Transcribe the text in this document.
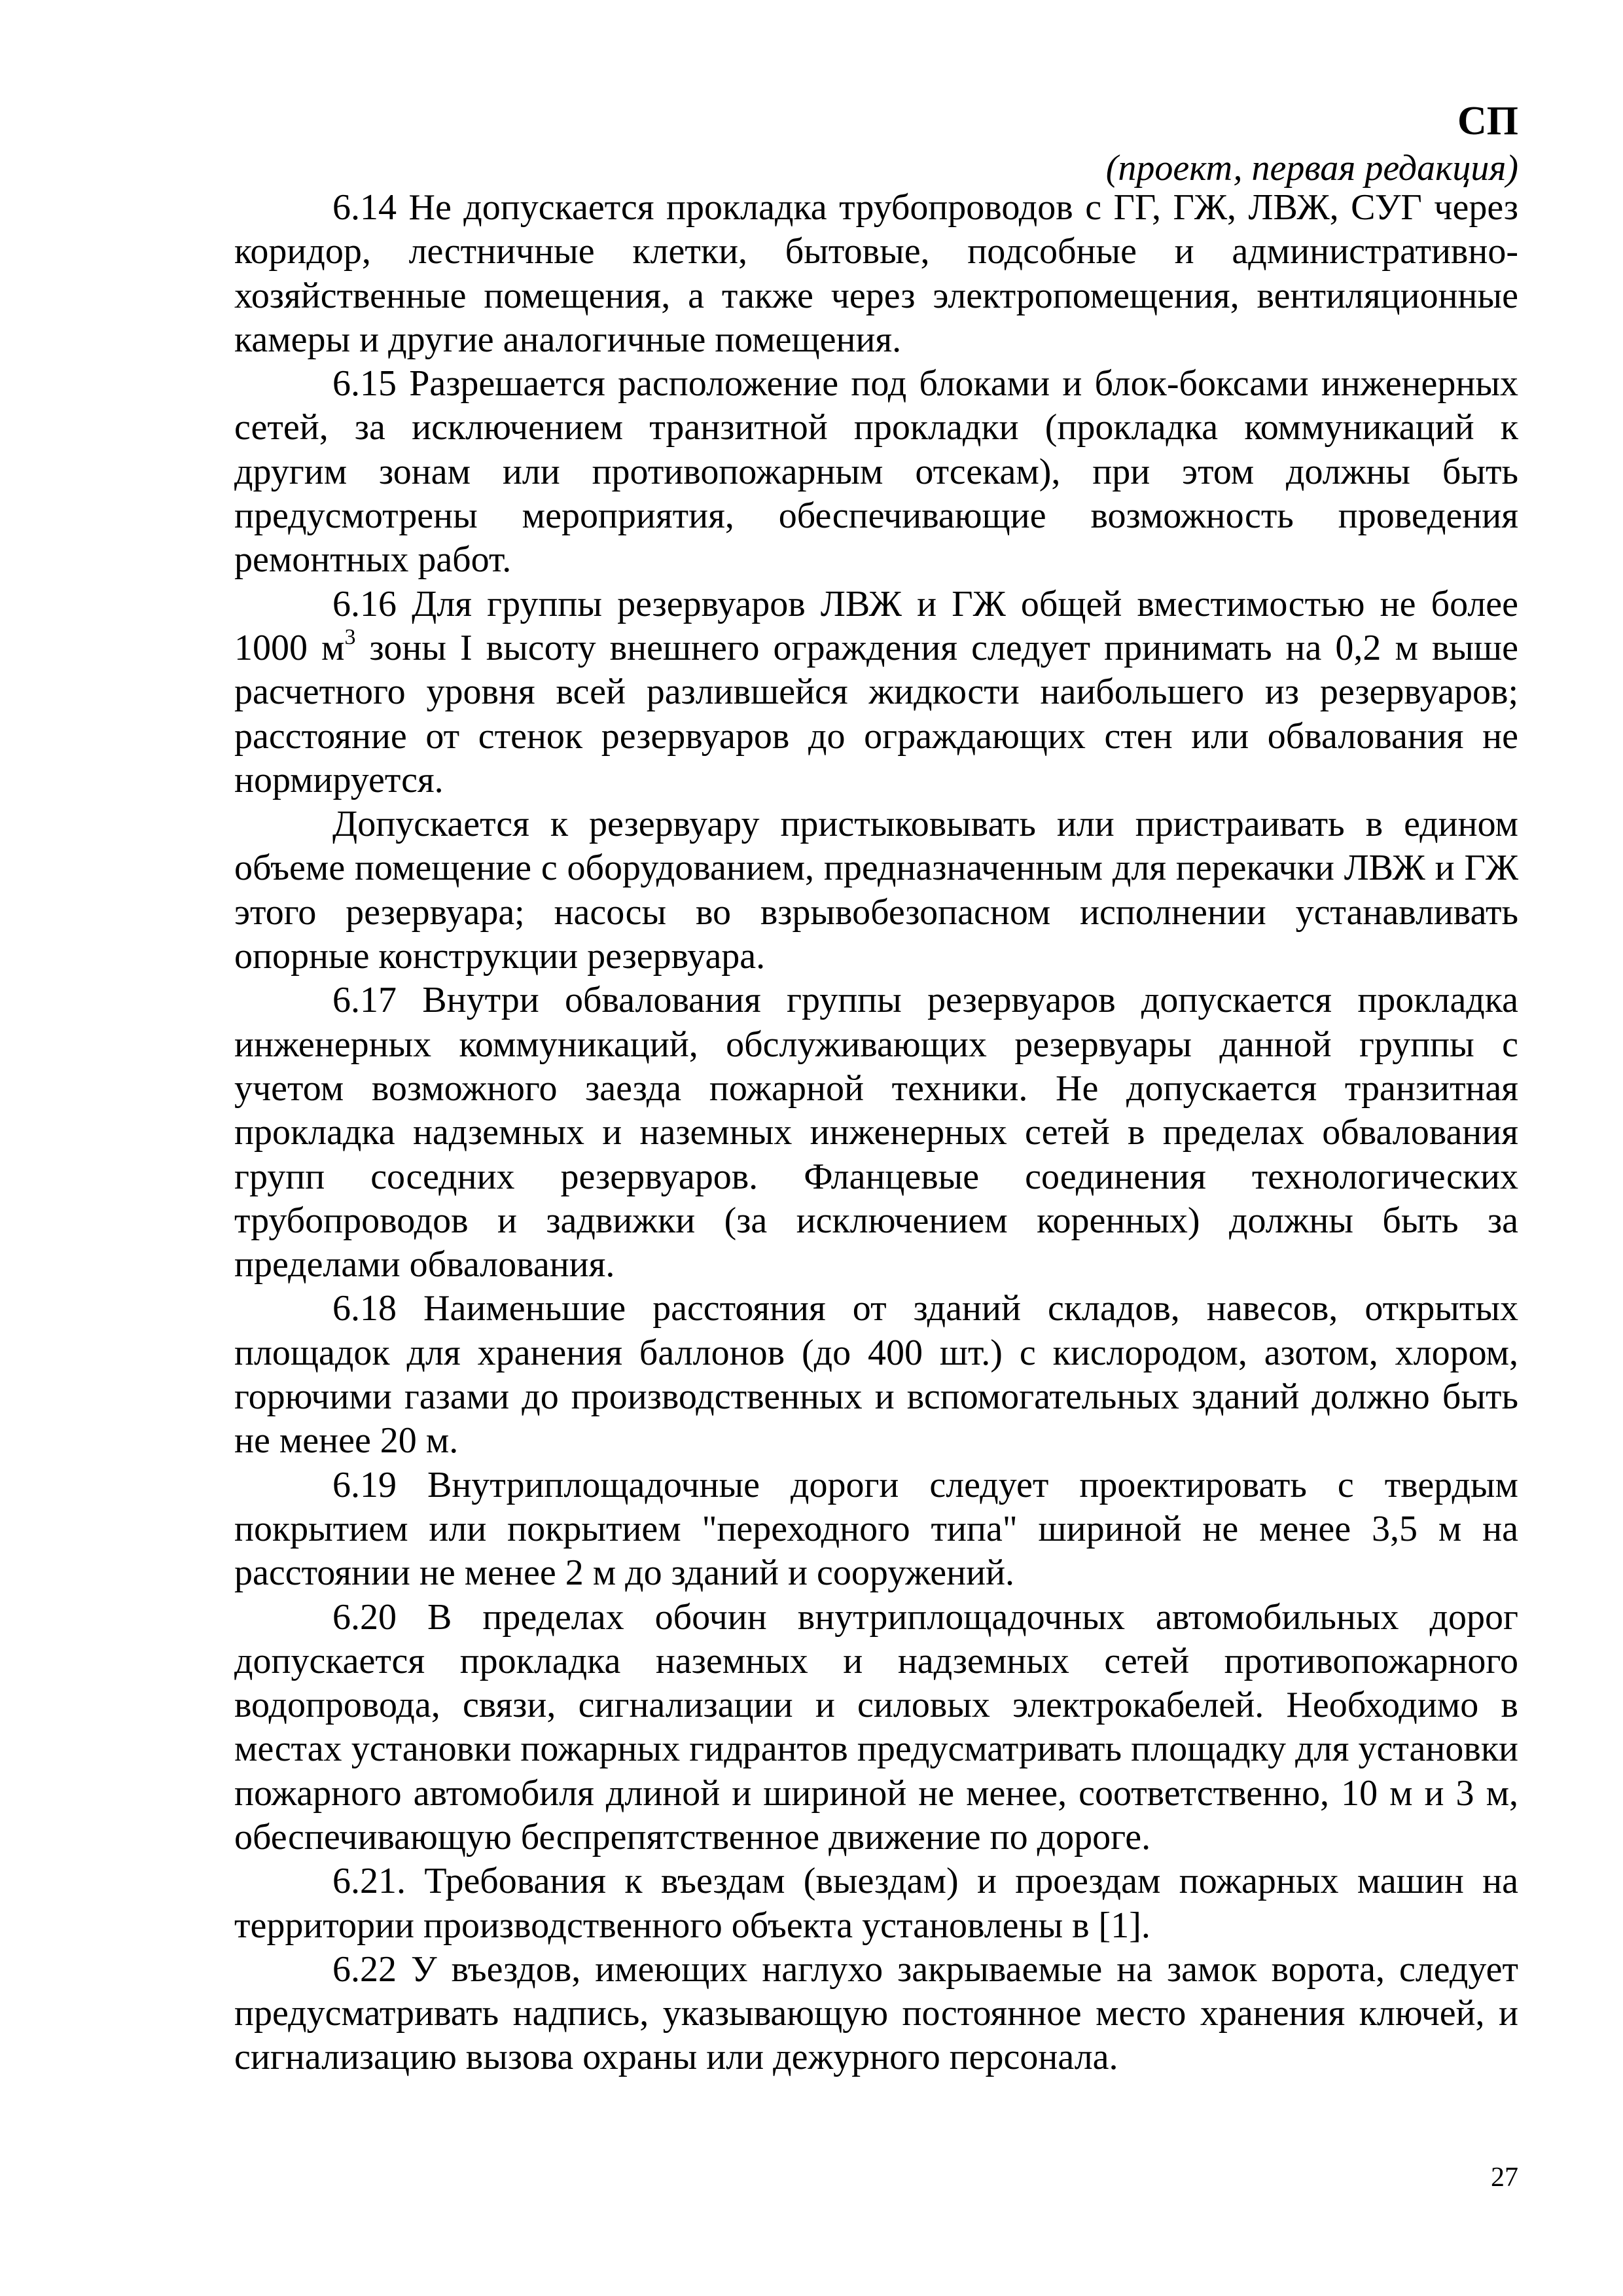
СП
(проект, первая редакция)

6.14 Не допускается прокладка трубопроводов с ГГ, ГЖ, ЛВЖ, СУГ через коридор, лестничные клетки, бытовые, подсобные и административно-хозяйственные помещения, а также через электропомещения, вентиляционные камеры и другие аналогичные помещения.

6.15 Разрешается расположение под блоками и блок-боксами инженерных сетей, за исключением транзитной прокладки (прокладка коммуникаций к другим зонам или противопожарным отсекам), при этом должны быть предусмотрены мероприятия, обеспечивающие возможность проведения ремонтных работ.

6.16 Для группы резервуаров ЛВЖ и ГЖ общей вместимостью не более 1000 $м^3$ зоны I высоту внешнего ограждения следует принимать на 0,2 м выше расчетного уровня всей разлившейся жидкости наибольшего из резервуаров; расстояние от стенок резервуаров до ограждающих стен или обвалования не нормируется.

Допускается к резервуару пристыковывать или пристраивать в едином объеме помещение с оборудованием, предназначенным для перекачки ЛВЖ и ГЖ этого резервуара; насосы во взрывобезопасном исполнении устанавливать опорные конструкции резервуара.

6.17 Внутри обвалования группы резервуаров допускается прокладка инженерных коммуникаций, обслуживающих резервуары данной группы с учетом возможного заезда пожарной техники. Не допускается транзитная прокладка надземных и наземных инженерных сетей в пределах обвалования групп соседних резервуаров. Фланцевые соединения технологических трубопроводов и задвижки (за исключением коренных) должны быть за пределами обвалования.

6.18 Наименьшие расстояния от зданий складов, навесов, открытых площадок для хранения баллонов (до 400 шт.) с кислородом, азотом, хлором, горючими газами до производственных и вспомогательных зданий должно быть не менее 20 м.

6.19 Внутриплощадочные дороги следует проектировать с твердым покрытием или покрытием "переходного типа" шириной не менее 3,5 м на расстоянии не менее 2 м до зданий и сооружений.

6.20 В пределах обочин внутриплощадочных автомобильных дорог допускается прокладка наземных и надземных сетей противопожарного водопровода, связи, сигнализации и силовых электрокабелей. Необходимо в местах установки пожарных гидрантов предусматривать площадку для установки пожарного автомобиля длиной и шириной не менее, соответственно, 10 м и 3 м, обеспечивающую беспрепятственное движение по дороге.

6.21. Требования к въездам (выездам) и проездам пожарных машин на территории производственного объекта установлены в [1].

6.22 У въездов, имеющих наглухо закрываемые на замок ворота, следует предусматривать надпись, указывающую постоянное место хранения ключей, и сигнализацию вызова охраны или дежурного персонала.

27
